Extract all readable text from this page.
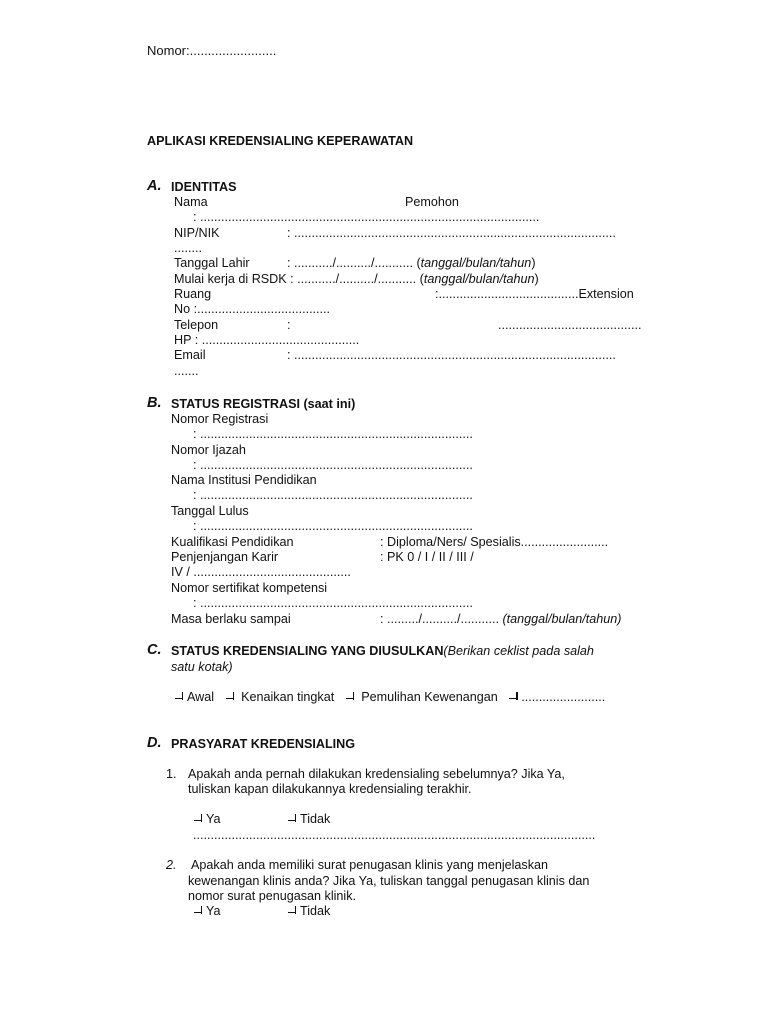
Nomor:........................
APLIKASI KREDENSIALING KEPERAWATAN
A. IDENTITAS
Nama	Pemohon
: .................................................................................................
NIP/NIK	: ............................................................................................
........
Tanggal Lahir	: .........../........../........... (tanggal/bulan/tahun)
Mulai kerja di RSDK : .........../........../........... (tanggal/bulan/tahun)
Ruang	:........................................Extension
No :......................................
Telepon	:	.........................................
HP : .............................................
Email	: ............................................................................................
.......
B. STATUS REGISTRASI (saat ini)
Nomor Registrasi
: ..............................................................................
Nomor Ijazah
: ..............................................................................
Nama Institusi Pendidikan
: ..............................................................................
Tanggal Lulus
: ..............................................................................
Kualifikasi Pendidikan	: Diploma/Ners/ Spesialis.........................
Penjenjangan Karir	: PK 0 / I / II / III /
IV / .............................................
Nomor sertifikat kompetensi
: ..............................................................................
Masa berlaku sampai	: ........./........../........... (tanggal/bulan/tahun)
C. STATUS KREDENSIALING YANG DIUSULKAN(Berikan ceklist pada salah
satu kotak)
Awal Kenaikan tingkat Pemulihan Kewenangan ........................
D. PRASYARAT KREDENSIALING
1. Apakah anda pernah dilakukan kredensialing sebelumnya? Jika Ya,
tuliskan kapan dilakukannya kredensialing terakhir.
Ya	Tidak
...................................................................................................................
2. Apakah anda memiliki surat penugasan klinis yang menjelaskan
kewenangan klinis anda? Jika Ya, tuliskan tanggal penugasan klinis dan
nomor surat penugasan klinik.
Ya	Tidak
